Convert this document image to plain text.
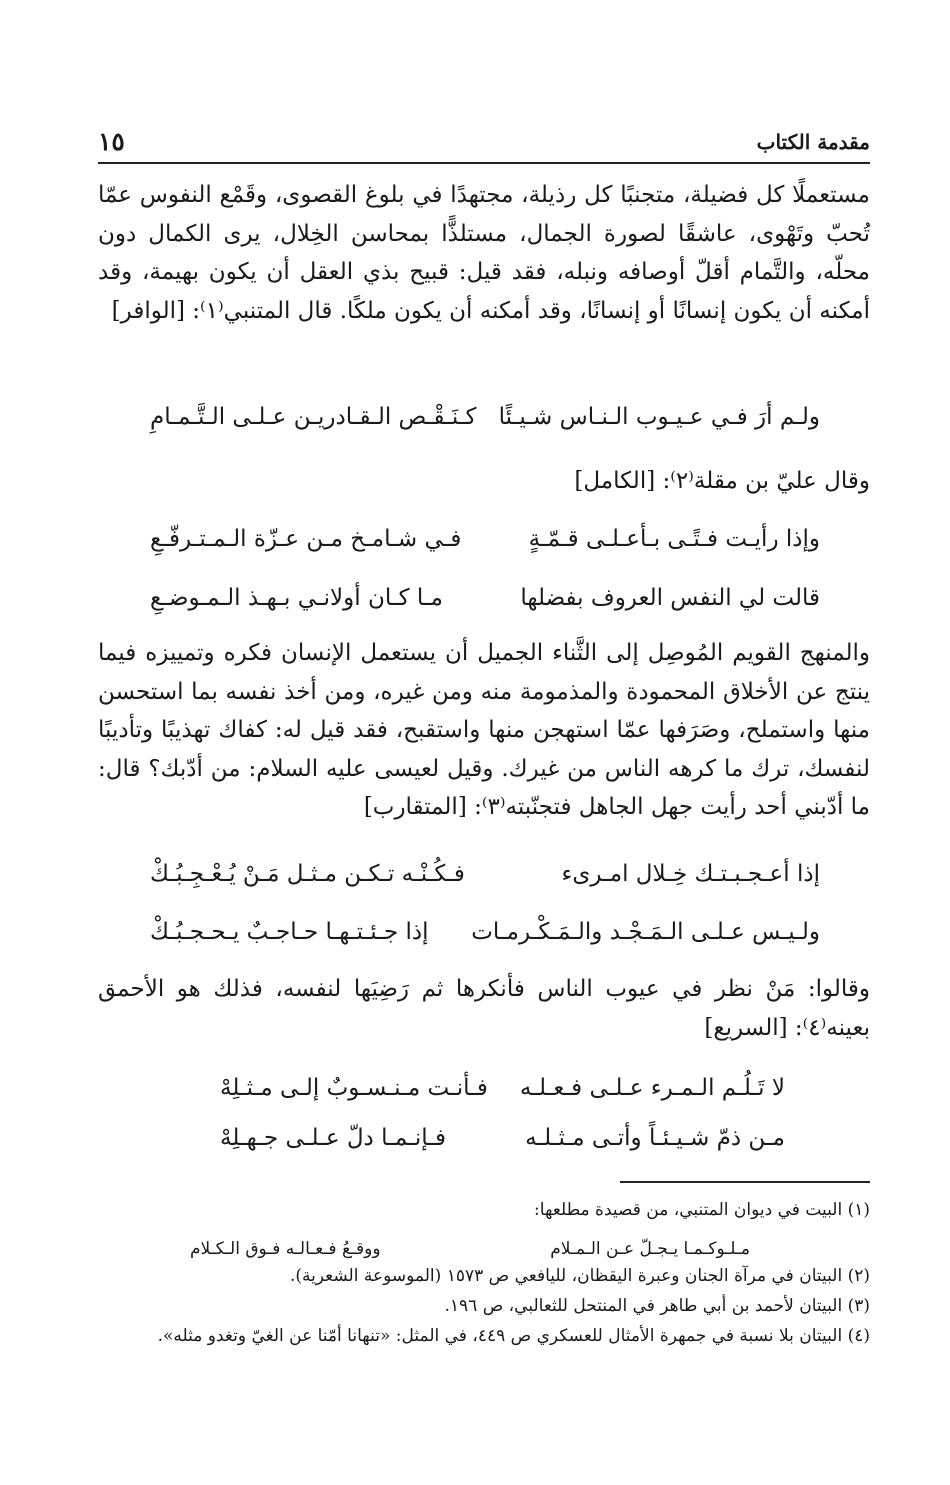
١٥	مقدمة الكتاب

مستعملًا كل فضيلة، متجنبًا كل رذيلة، مجتهدًا في بلوغ القصوى، وقَمْع النفوس عمّا تُحبّ وتَهْوى، عاشقًا لصورة الجمال، مستلذًّا بمحاسن الخِلال، يرى الكمال دون محلّه، والتَّمام أقلّ أوصافه ونبله، فقد قيل: قبيح بذي العقل أن يكون بهيمة، وقد أمكنه أن يكون إنسانًا أو إنسانًا، وقد أمكنه أن يكون ملكًا. قال المتنبي⁽١⁾: [الوافر]

ولـم أرَ فـي عـيـوب الـنـاس شـيـئًا
كـنَـقْـص الـقـادريـن عـلـى الـتَّـمـامِ

وقال عليّ بن مقلة⁽٢⁾: [الكامل]

وإذا رأيـت فـتًـى بـأعـلـى قـمّـةٍ
فـي شـامـخ مـن عـزّة الـمـتـرفّـعِ
قالت لي النفس العروف بفضلها
مـا كـان أولانـي بـهـذ الـمـوضـعِ

والمنهج القويم المُوصِل إلى الثَّناء الجميل أن يستعمل الإنسان فكره وتمييزه فيما ينتج عن الأخلاق المحمودة والمذمومة منه ومن غيره، ومن أخذ نفسه بما استحسن منها واستملح، وصَرَفها عمّا استهجن منها واستقبح، فقد قيل له: كفاك تهذيبًا وتأديبًا لنفسك، ترك ما كرهه الناس من غيرك. وقيل لعيسى عليه السلام: من أدّبك؟ قال: ما أدّبني أحد رأيت جهل الجاهل فتجنّبته⁽٣⁾: [المتقارب]

إذا أعـجـبـتـك خِـلال امـرىء
فـكُـنْـه تـكـن مـثـل مَـنْ يُـعْـجِـبُـكْ
ولـيـس عـلـى الـمَـجْـد والـمَـكْـرمـات
إذا جـئـتـهـا حـاجـبٌ يـحـجـبُـكْ

وقالوا: مَنْ نظر في عيوب الناس فأنكرها ثم رَضِيَها لنفسه، فذلك هو الأحمق بعينه⁽٤⁾: [السريع]

لا تَـلُـم الـمـرء عـلـى فـعـلـه
فـأنـت مـنـسـوبٌ إلـى مـثـلِهْ
مـن ذمّ شـيـئـاً وأتـى مـثـلـه
فـإنـمـا دلّ عـلـى جـهـلِهْ

(١) البيت في ديوان المتنبي، من قصيدة مطلعها:

مـلـوكـمـا يـجـلّ عـن الـمـلام
ووقـعُ فـعـالـه فـوق الـكـلام

(٢) البيتان في مرآة الجنان وعبرة اليقظان، لليافعي ص ١٥٧٣ (الموسوعة الشعرية).

(٣) البيتان لأحمد بن أبي طاهر في المنتحل للثعالبي، ص ١٩٦.

(٤) البيتان بلا نسبة في جمهرة الأمثال للعسكري ص ٤٤٩، في المثل: «تنهانا أمّنا عن الغيّ وتغدو مثله».
